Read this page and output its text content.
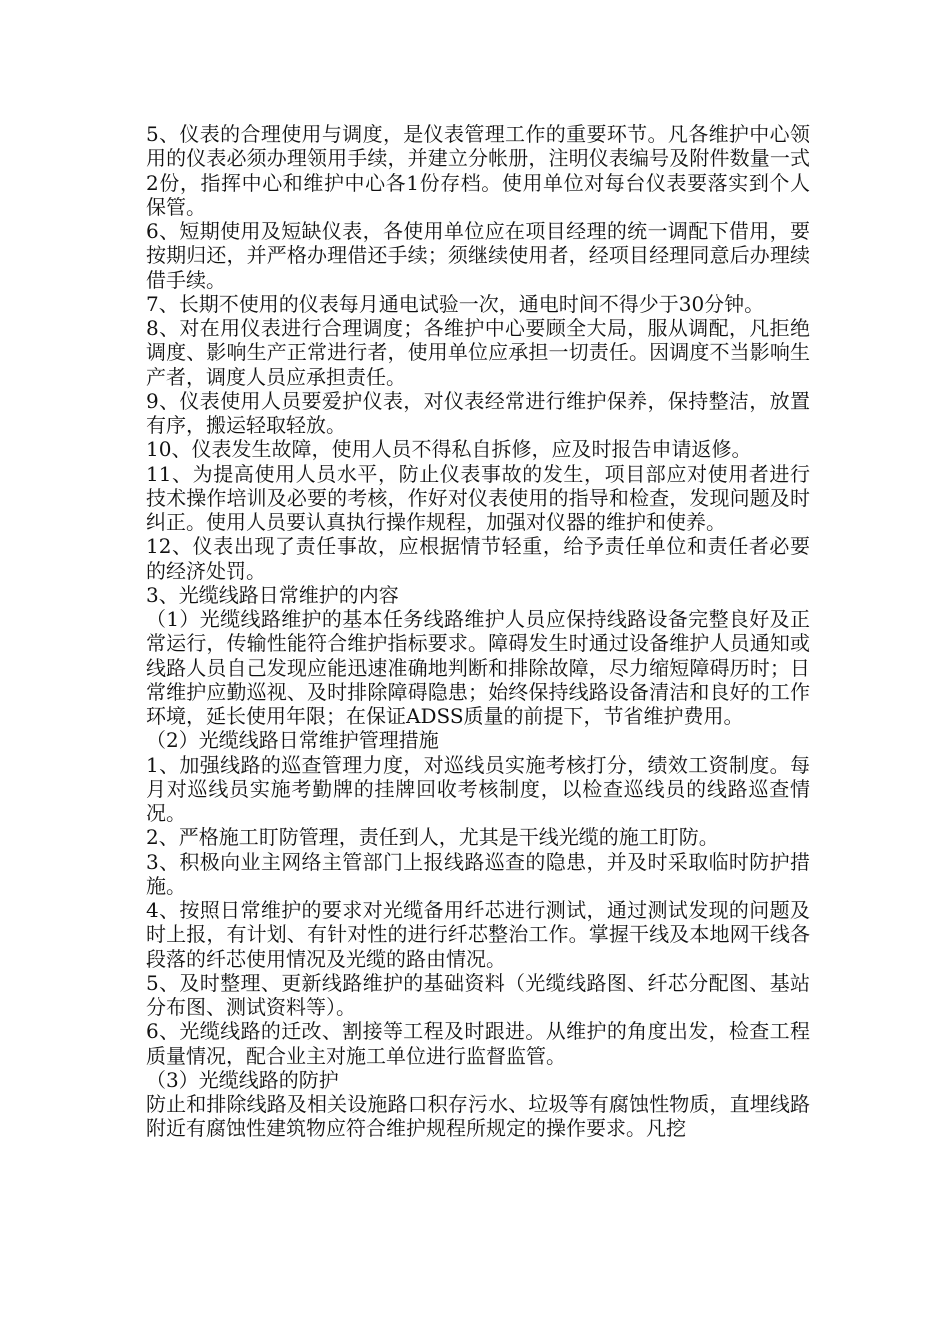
5、仪表的合理使用与调度，是仪表管理工作的重要环节。凡各维护中心领用的仪表必须办理领用手续，并建立分帐册，注明仪表编号及附件数量一式2份，指挥中心和维护中心各1份存档。使用单位对每台仪表要落实到个人保管。

6、短期使用及短缺仪表，各使用单位应在项目经理的统一调配下借用，要按期归还，并严格办理借还手续；须继续使用者，经项目经理同意后办理续借手续。

7、长期不使用的仪表每月通电试验一次，通电时间不得少于30分钟。

8、对在用仪表进行合理调度；各维护中心要顾全大局，服从调配，凡拒绝调度、影响生产正常进行者，使用单位应承担一切责任。因调度不当影响生产者，调度人员应承担责任。

9、仪表使用人员要爱护仪表，对仪表经常进行维护保养，保持整洁，放置有序，搬运轻取轻放。

10、仪表发生故障，使用人员不得私自拆修，应及时报告申请返修。

11、为提高使用人员水平，防止仪表事故的发生，项目部应对使用者进行技术操作培训及必要的考核，作好对仪表使用的指导和检查，发现问题及时纠正。使用人员要认真执行操作规程，加强对仪器的维护和使养。

12、仪表出现了责任事故，应根据情节轻重，给予责任单位和责任者必要的经济处罚。

3、光缆线路日常维护的内容

（1）光缆线路维护的基本任务线路维护人员应保持线路设备完整良好及正常运行，传输性能符合维护指标要求。障碍发生时通过设备维护人员通知或线路人员自己发现应能迅速准确地判断和排除故障，尽力缩短障碍历时；日常维护应勤巡视、及时排除障碍隐患；始终保持线路设备清洁和良好的工作环境，延长使用年限；在保证ADSS质量的前提下，节省维护费用。

（2）光缆线路日常维护管理措施

1、加强线路的巡查管理力度，对巡线员实施考核打分，绩效工资制度。每月对巡线员实施考勤牌的挂牌回收考核制度，以检查巡线员的线路巡查情况。

2、严格施工盯防管理，责任到人，尤其是干线光缆的施工盯防。

3、积极向业主网络主管部门上报线路巡查的隐患，并及时采取临时防护措施。

4、按照日常维护的要求对光缆备用纤芯进行测试，通过测试发现的问题及时上报，有计划、有针对性的进行纤芯整治工作。掌握干线及本地网干线各段落的纤芯使用情况及光缆的路由情况。

5、及时整理、更新线路维护的基础资料（光缆线路图、纤芯分配图、基站分布图、测试资料等）。

6、光缆线路的迁改、割接等工程及时跟进。从维护的角度出发，检查工程质量情况，配合业主对施工单位进行监督监管。

（3）光缆线路的防护

防止和排除线路及相关设施路口积存污水、垃圾等有腐蚀性物质，直埋线路附近有腐蚀性建筑物应符合维护规程所规定的操作要求。凡挖
